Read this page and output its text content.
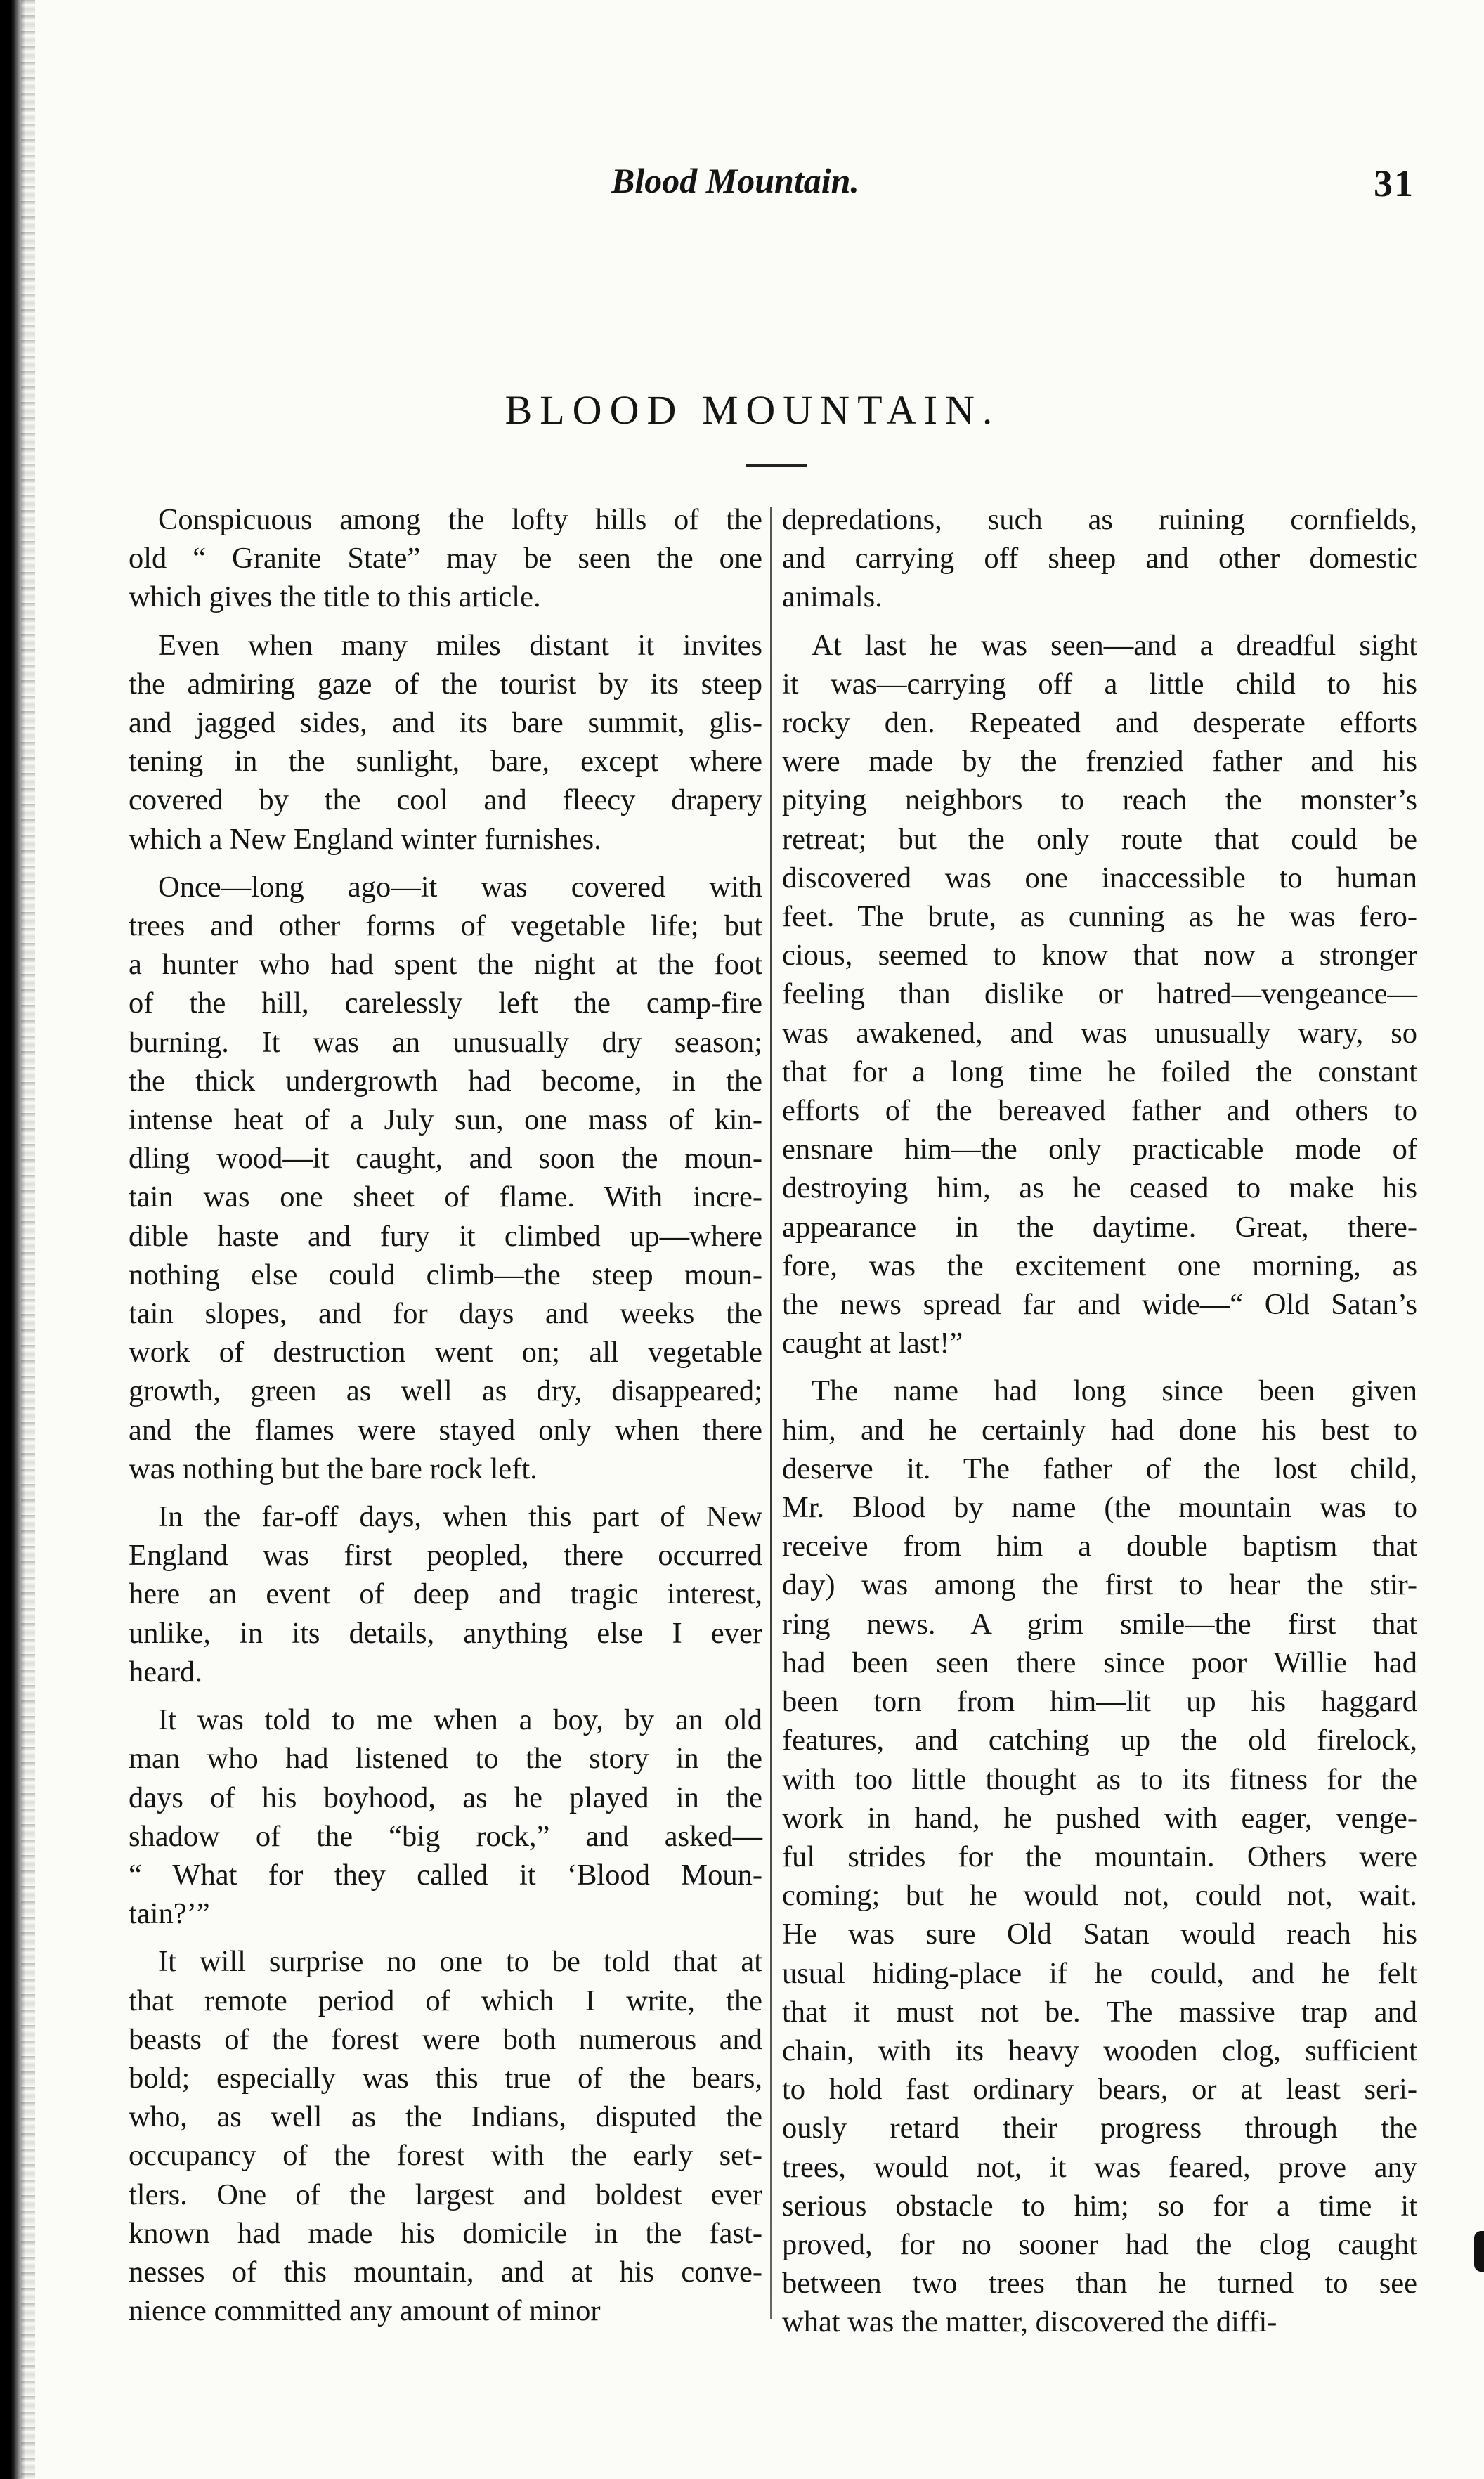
Blood Mountain.	31
BLOOD MOUNTAIN.
Conspicuous among the lofty hills of the
old “ Granite State” may be seen the one
which gives the title to this article.
Even when many miles distant it invites
the admiring gaze of the tourist by its steep
and jagged sides, and its bare summit, glis-
tening in the sunlight, bare, except where
covered by the cool and fleecy drapery
which a New England winter furnishes.
Once—long ago—it was covered with
trees and other forms of vegetable life; but
a hunter who had spent the night at the foot
of the hill, carelessly left the camp-fire
burning. It was an unusually dry season;
the thick undergrowth had become, in the
intense heat of a July sun, one mass of kin-
dling wood—it caught, and soon the moun-
tain was one sheet of flame. With incre-
dible haste and fury it climbed up—where
nothing else could climb—the steep moun-
tain slopes, and for days and weeks the
work of destruction went on; all vegetable
growth, green as well as dry, disappeared;
and the flames were stayed only when there
was nothing but the bare rock left.
In the far-off days, when this part of New
England was first peopled, there occurred
here an event of deep and tragic interest,
unlike, in its details, anything else I ever
heard.
It was told to me when a boy, by an old
man who had listened to the story in the
days of his boyhood, as he played in the
shadow of the “big rock,” and asked—
“ What for they called it ‘Blood Moun-
tain?’”
It will surprise no one to be told that at
that remote period of which I write, the
beasts of the forest were both numerous and
bold; especially was this true of the bears,
who, as well as the Indians, disputed the
occupancy of the forest with the early set-
tlers. One of the largest and boldest ever
known had made his domicile in the fast-
nesses of this mountain, and at his conve-
nience committed any amount of minor
depredations, such as ruining cornfields,
and carrying off sheep and other domestic
animals.
At last he was seen—and a dreadful sight
it was—carrying off a little child to his
rocky den. Repeated and desperate efforts
were made by the frenzied father and his
pitying neighbors to reach the monster’s
retreat; but the only route that could be
discovered was one inaccessible to human
feet. The brute, as cunning as he was fero-
cious, seemed to know that now a stronger
feeling than dislike or hatred—vengeance—
was awakened, and was unusually wary, so
that for a long time he foiled the constant
efforts of the bereaved father and others to
ensnare him—the only practicable mode of
destroying him, as he ceased to make his
appearance in the daytime. Great, there-
fore, was the excitement one morning, as
the news spread far and wide—“ Old Satan’s
caught at last!”
The name had long since been given
him, and he certainly had done his best to
deserve it. The father of the lost child,
Mr. Blood by name (the mountain was to
receive from him a double baptism that
day) was among the first to hear the stir-
ring news. A grim smile—the first that
had been seen there since poor Willie had
been torn from him—lit up his haggard
features, and catching up the old firelock,
with too little thought as to its fitness for the
work in hand, he pushed with eager, venge-
ful strides for the mountain. Others were
coming; but he would not, could not, wait.
He was sure Old Satan would reach his
usual hiding-place if he could, and he felt
that it must not be. The massive trap and
chain, with its heavy wooden clog, sufficient
to hold fast ordinary bears, or at least seri-
ously retard their progress through the
trees, would not, it was feared, prove any
serious obstacle to him; so for a time it
proved, for no sooner had the clog caught
between two trees than he turned to see
what was the matter, discovered the diffi-
